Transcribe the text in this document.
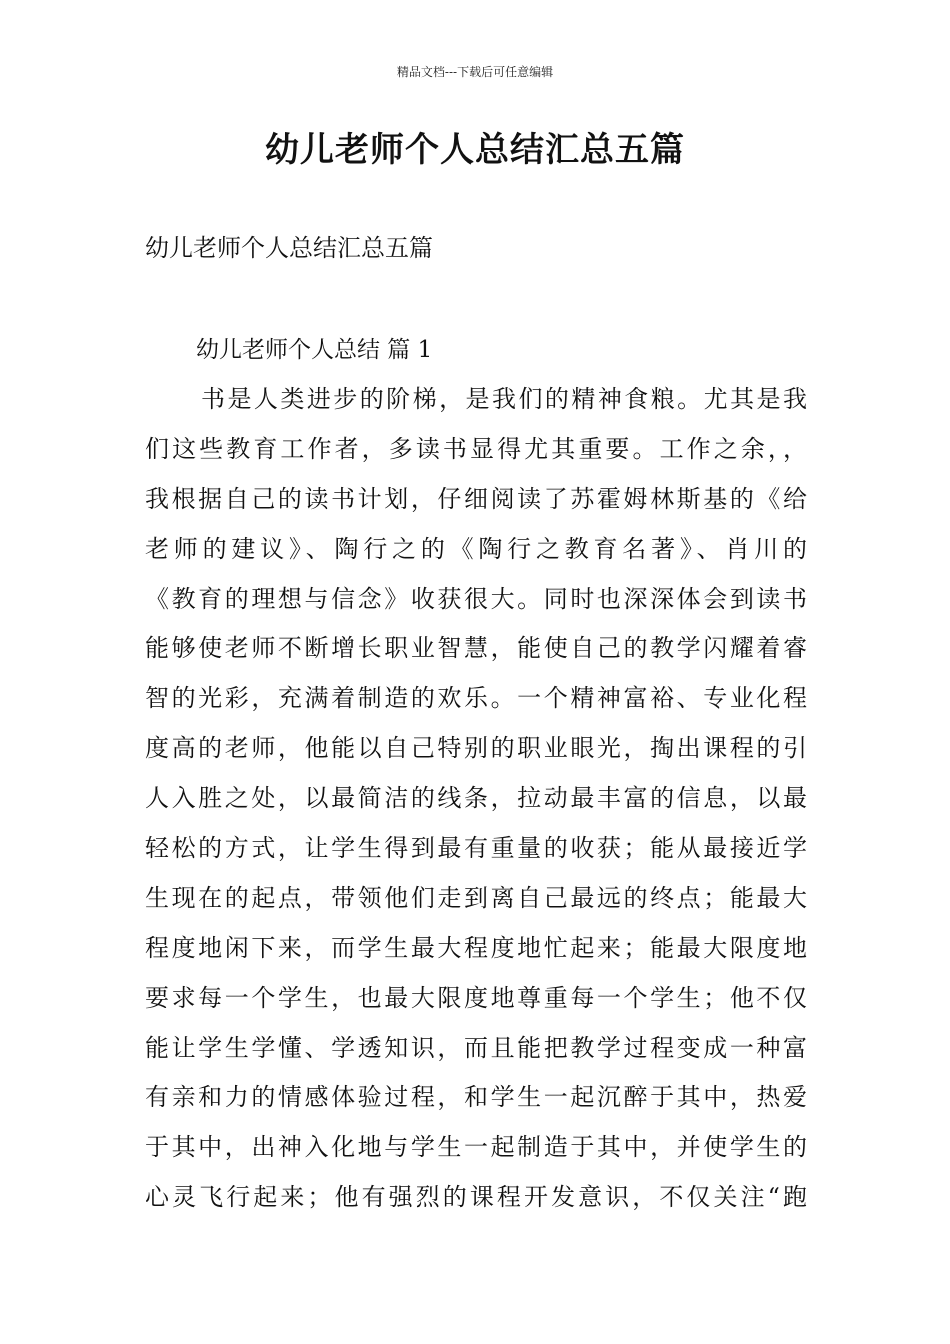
精品文档---下载后可任意编辑
幼儿老师个人总结汇总五篇

幼儿老师个人总结汇总五篇

幼儿老师个人总结 篇 1

书是人类进步的阶梯，是我们的精神食粮。尤其是我
们这些教育工作者，多读书显得尤其重要。工作之余，，
我根据自己的读书计划，仔细阅读了苏霍姆林斯基的《给
老师的建议》、陶行之的《陶行之教育名著》、肖川的
《教育的理想与信念》收获很大。同时也深深体会到读书
能够使老师不断增长职业智慧，能使自己的教学闪耀着睿
智的光彩，充满着制造的欢乐。一个精神富裕、专业化程
度高的老师，他能以自己特别的职业眼光，掏出课程的引
人入胜之处，以最简洁的线条，拉动最丰富的信息，以最
轻松的方式，让学生得到最有重量的收获；能从最接近学
生现在的起点，带领他们走到离自己最远的终点；能最大
程度地闲下来，而学生最大程度地忙起来；能最大限度地
要求每一个学生，也最大限度地尊重每一个学生；他不仅
能让学生学懂、学透知识，而且能把教学过程变成一种富
有亲和力的情感体验过程，和学生一起沉醉于其中，热爱
于其中，出神入化地与学生一起制造于其中，并使学生的
心灵飞行起来；他有强烈的课程开发意识，不仅关注“跑
